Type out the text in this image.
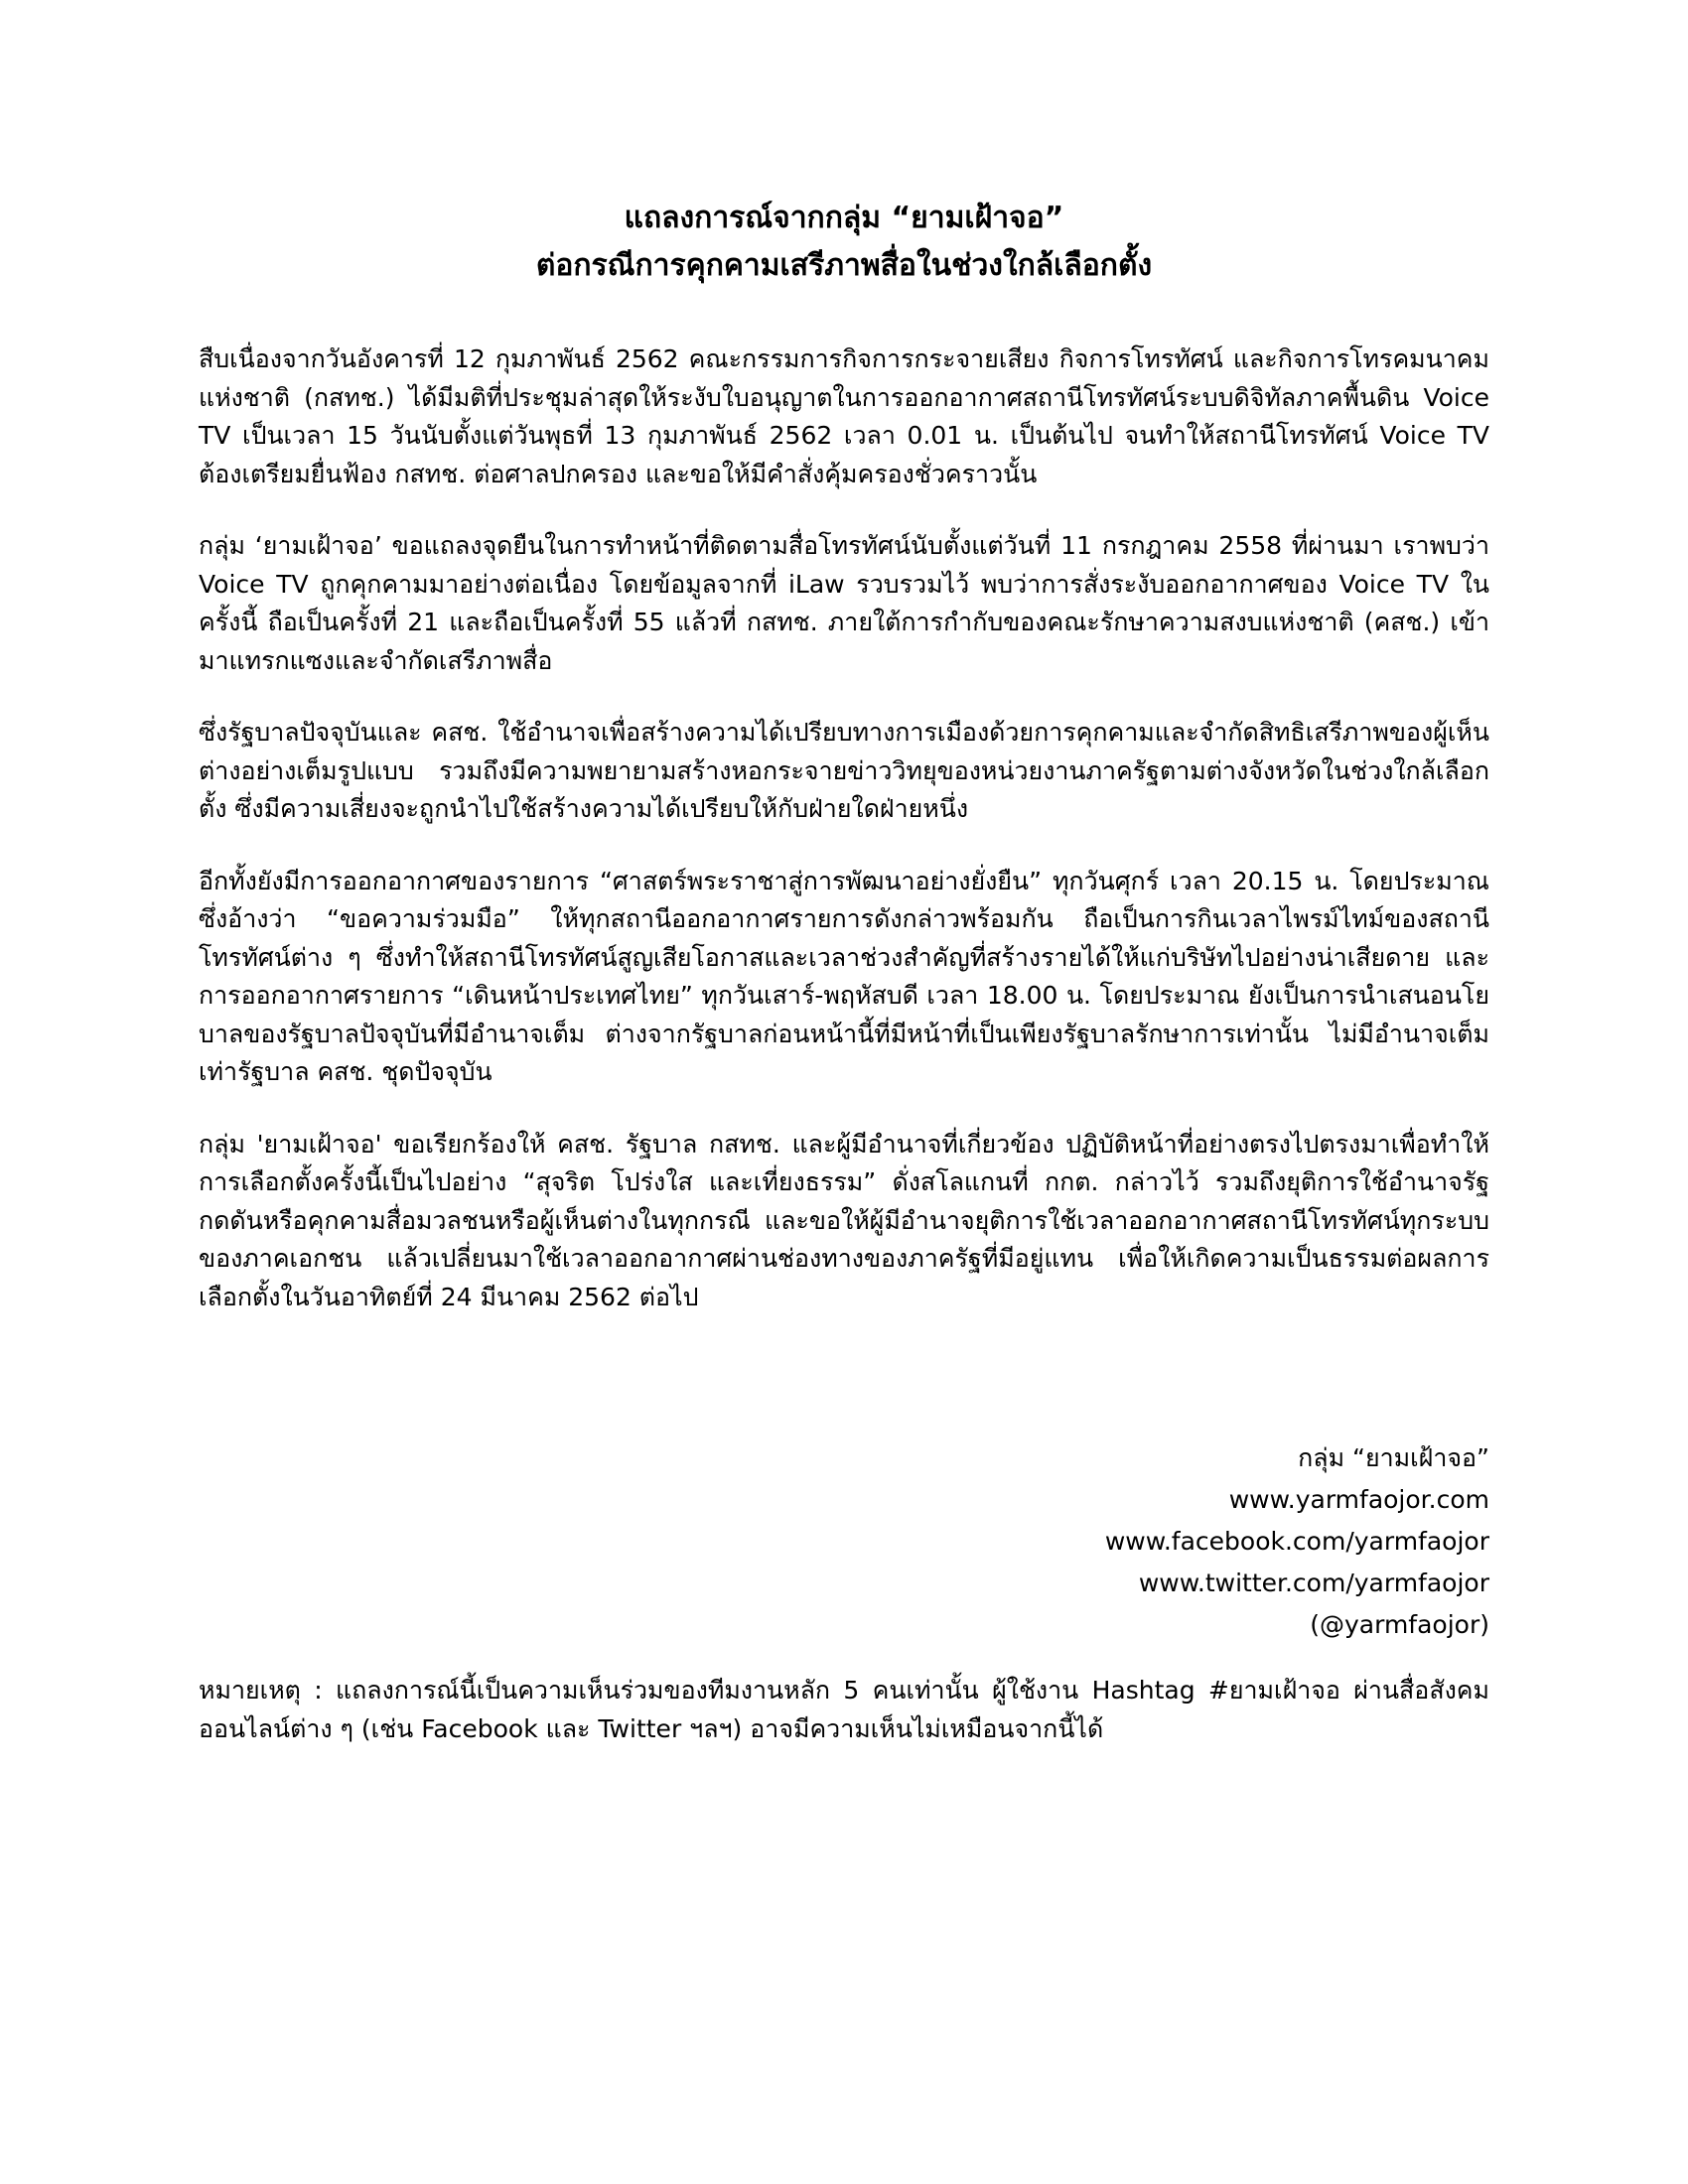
แถลงการณ์จากกลุ่ม “ยามเฝ้าจอ”

ต่อกรณีการคุกคามเสรีภาพสื่อในช่วงใกล้เลือกตั้ง

สืบเนื่องจากวันอังคารที่ 12 กุมภาพันธ์ 2562 คณะกรรมการกิจการกระจายเสียง กิจการโทรทัศน์ และกิจการโทรคมนาคมแห่งชาติ (กสทช.) ได้มีมติที่ประชุมล่าสุดให้ระงับใบอนุญาตในการออกอากาศสถานีโทรทัศน์ระบบดิจิทัลภาคพื้นดิน Voice TV เป็นเวลา 15 วันนับตั้งแต่วันพุธที่ 13 กุมภาพันธ์ 2562 เวลา 0.01 น. เป็นต้นไป จนทำให้สถานีโทรทัศน์ Voice TV ต้องเตรียมยื่นฟ้อง กสทช. ต่อศาลปกครอง และขอให้มีคำสั่งคุ้มครองชั่วคราวนั้น

กลุ่ม ‘ยามเฝ้าจอ’ ขอแถลงจุดยืนในการทำหน้าที่ติดตามสื่อโทรทัศน์นับตั้งแต่วันที่ 11 กรกฎาคม 2558 ที่ผ่านมา เราพบว่า Voice TV ถูกคุกคามมาอย่างต่อเนื่อง โดยข้อมูลจากที่ iLaw รวบรวมไว้ พบว่าการสั่งระงับออกอากาศของ Voice TV ในครั้งนี้ ถือเป็นครั้งที่ 21 และถือเป็นครั้งที่ 55 แล้วที่ กสทช. ภายใต้การกำกับของคณะรักษาความสงบแห่งชาติ (คสช.) เข้ามาแทรกแซงและจำกัดเสรีภาพสื่อ

ซึ่งรัฐบาลปัจจุบันและ คสช. ใช้อำนาจเพื่อสร้างความได้เปรียบทางการเมืองด้วยการคุกคามและจำกัดสิทธิเสรีภาพของผู้เห็นต่างอย่างเต็มรูปแบบ รวมถึงมีความพยายามสร้างหอกระจายข่าววิทยุของหน่วยงานภาครัฐตามต่างจังหวัดในช่วงใกล้เลือกตั้ง ซึ่งมีความเสี่ยงจะถูกนำไปใช้สร้างความได้เปรียบให้กับฝ่ายใดฝ่ายหนึ่ง

อีกทั้งยังมีการออกอากาศของรายการ “ศาสตร์พระราชาสู่การพัฒนาอย่างยั่งยืน” ทุกวันศุกร์ เวลา 20.15 น. โดยประมาณ ซึ่งอ้างว่า “ขอความร่วมมือ” ให้ทุกสถานีออกอากาศรายการดังกล่าวพร้อมกัน ถือเป็นการกินเวลาไพรม์ไทม์ของสถานีโทรทัศน์ต่าง ๆ ซึ่งทำให้สถานีโทรทัศน์สูญเสียโอกาสและเวลาช่วงสำคัญที่สร้างรายได้ให้แก่บริษัทไปอย่างน่าเสียดาย และการออกอากาศรายการ “เดินหน้าประเทศไทย” ทุกวันเสาร์-พฤหัสบดี เวลา 18.00 น. โดยประมาณ ยังเป็นการนำเสนอนโยบาลของรัฐบาลปัจจุบันที่มีอำนาจเต็ม ต่างจากรัฐบาลก่อนหน้านี้ที่มีหน้าที่เป็นเพียงรัฐบาลรักษาการเท่านั้น ไม่มีอำนาจเต็มเท่ารัฐบาล คสช. ชุดปัจจุบัน

กลุ่ม 'ยามเฝ้าจอ' ขอเรียกร้องให้ คสช. รัฐบาล กสทช. และผู้มีอำนาจที่เกี่ยวข้อง ปฏิบัติหน้าที่อย่างตรงไปตรงมาเพื่อทำให้การเลือกตั้งครั้งนี้เป็นไปอย่าง “สุจริต โปร่งใส และเที่ยงธรรม” ดั่งสโลแกนที่ กกต. กล่าวไว้ รวมถึงยุติการใช้อำนาจรัฐกดดันหรือคุกคามสื่อมวลชนหรือผู้เห็นต่างในทุกกรณี และขอให้ผู้มีอำนาจยุติการใช้เวลาออกอากาศสถานีโทรทัศน์ทุกระบบของภาคเอกชน แล้วเปลี่ยนมาใช้เวลาออกอากาศผ่านช่องทางของภาครัฐที่มีอยู่แทน เพื่อให้เกิดความเป็นธรรมต่อผลการเลือกตั้งในวันอาทิตย์ที่ 24 มีนาคม 2562 ต่อไป

กลุ่ม “ยามเฝ้าจอ”

www.yarmfaojor.com

www.facebook.com/yarmfaojor

www.twitter.com/yarmfaojor

(@yarmfaojor)

หมายเหตุ : แถลงการณ์นี้เป็นความเห็นร่วมของทีมงานหลัก 5 คนเท่านั้น ผู้ใช้งาน Hashtag #ยามเฝ้าจอ ผ่านสื่อสังคมออนไลน์ต่าง ๆ (เช่น Facebook และ Twitter ฯลฯ) อาจมีความเห็นไม่เหมือนจากนี้ได้
